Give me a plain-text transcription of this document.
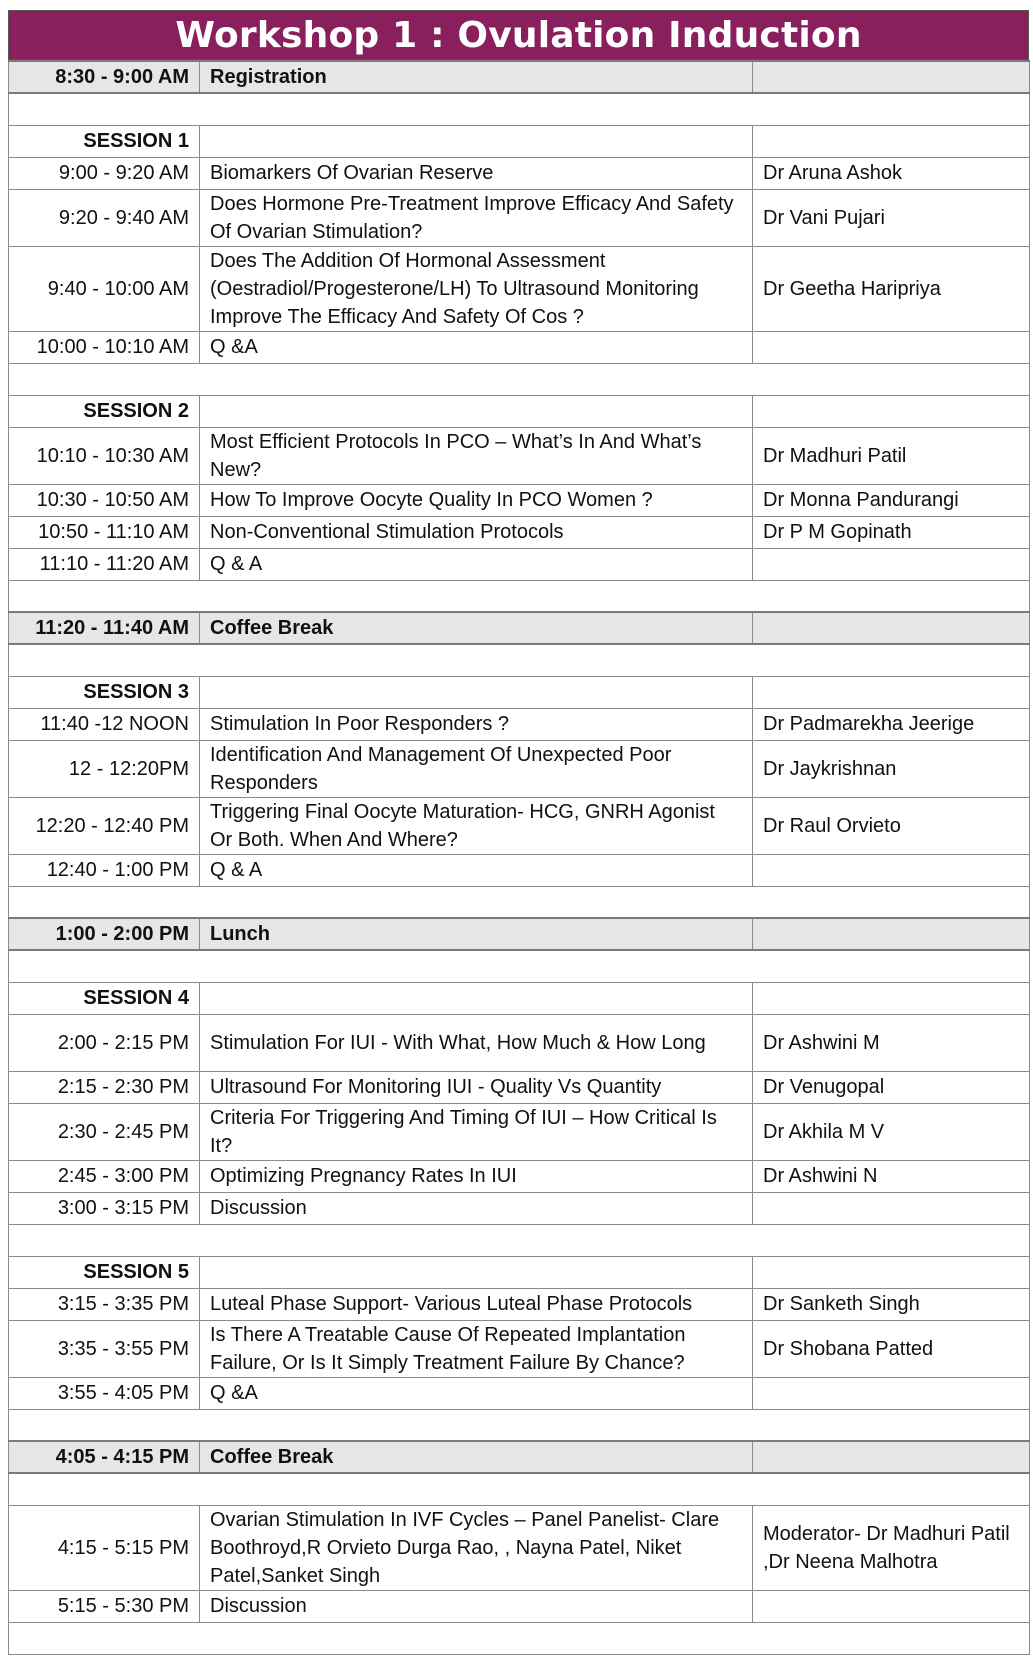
Workshop 1 : Ovulation Induction
8:30 - 9:00 AM	Registration	

SESSION 1		
9:00 - 9:20 AM	Biomarkers Of Ovarian Reserve	Dr Aruna Ashok
9:20 - 9:40 AM	Does Hormone Pre-Treatment Improve Efficacy And Safety Of Ovarian Stimulation?	Dr Vani Pujari
9:40 - 10:00 AM	Does The Addition Of Hormonal Assessment (Oestradiol/Progesterone/LH) To Ultrasound Monitoring Improve The Efficacy And Safety Of Cos ?	Dr Geetha Haripriya
10:00 - 10:10 AM	Q &A	

SESSION 2		
10:10 - 10:30 AM	Most Efficient Protocols In PCO – What’s In And What’s New?	Dr Madhuri Patil
10:30 - 10:50 AM	How To Improve Oocyte Quality In PCO Women ?	Dr Monna Pandurangi
10:50 - 11:10 AM	Non-Conventional Stimulation Protocols	Dr P M Gopinath
11:10 - 11:20 AM	Q & A	

11:20 - 11:40 AM	Coffee Break	

SESSION 3		
11:40 -12 NOON	Stimulation In Poor Responders ?	Dr Padmarekha Jeerige
12 - 12:20PM	Identification And Management Of Unexpected Poor Responders	Dr Jaykrishnan
12:20 - 12:40 PM	Triggering Final Oocyte Maturation- HCG, GNRH Agonist Or Both. When And Where?	Dr Raul Orvieto
12:40 - 1:00 PM	Q & A	

1:00 - 2:00 PM	Lunch	

SESSION 4		
2:00 - 2:15 PM	Stimulation For IUI - With What, How Much & How Long	Dr Ashwini M
2:15 - 2:30 PM	Ultrasound For Monitoring IUI - Quality Vs Quantity	Dr Venugopal
2:30 - 2:45 PM	Criteria For Triggering And Timing Of IUI – How Critical Is It?	Dr Akhila M V
2:45 - 3:00 PM	Optimizing Pregnancy Rates In IUI	Dr Ashwini N
3:00 - 3:15 PM	Discussion	

SESSION 5		
3:15 - 3:35 PM	Luteal Phase Support- Various Luteal Phase Protocols	Dr Sanketh Singh
3:35 - 3:55 PM	Is There A Treatable Cause Of Repeated Implantation Failure, Or Is It Simply Treatment Failure By Chance?	Dr Shobana Patted
3:55 - 4:05 PM	Q &A	

4:05 - 4:15 PM	Coffee Break	

4:15 - 5:15 PM	Ovarian Stimulation In IVF Cycles – Panel Panelist- Clare Boothroyd,R Orvieto Durga Rao, , Nayna Patel, Niket Patel,Sanket Singh	Moderator- Dr Madhuri Patil ,Dr Neena Malhotra
5:15 - 5:30 PM	Discussion	
